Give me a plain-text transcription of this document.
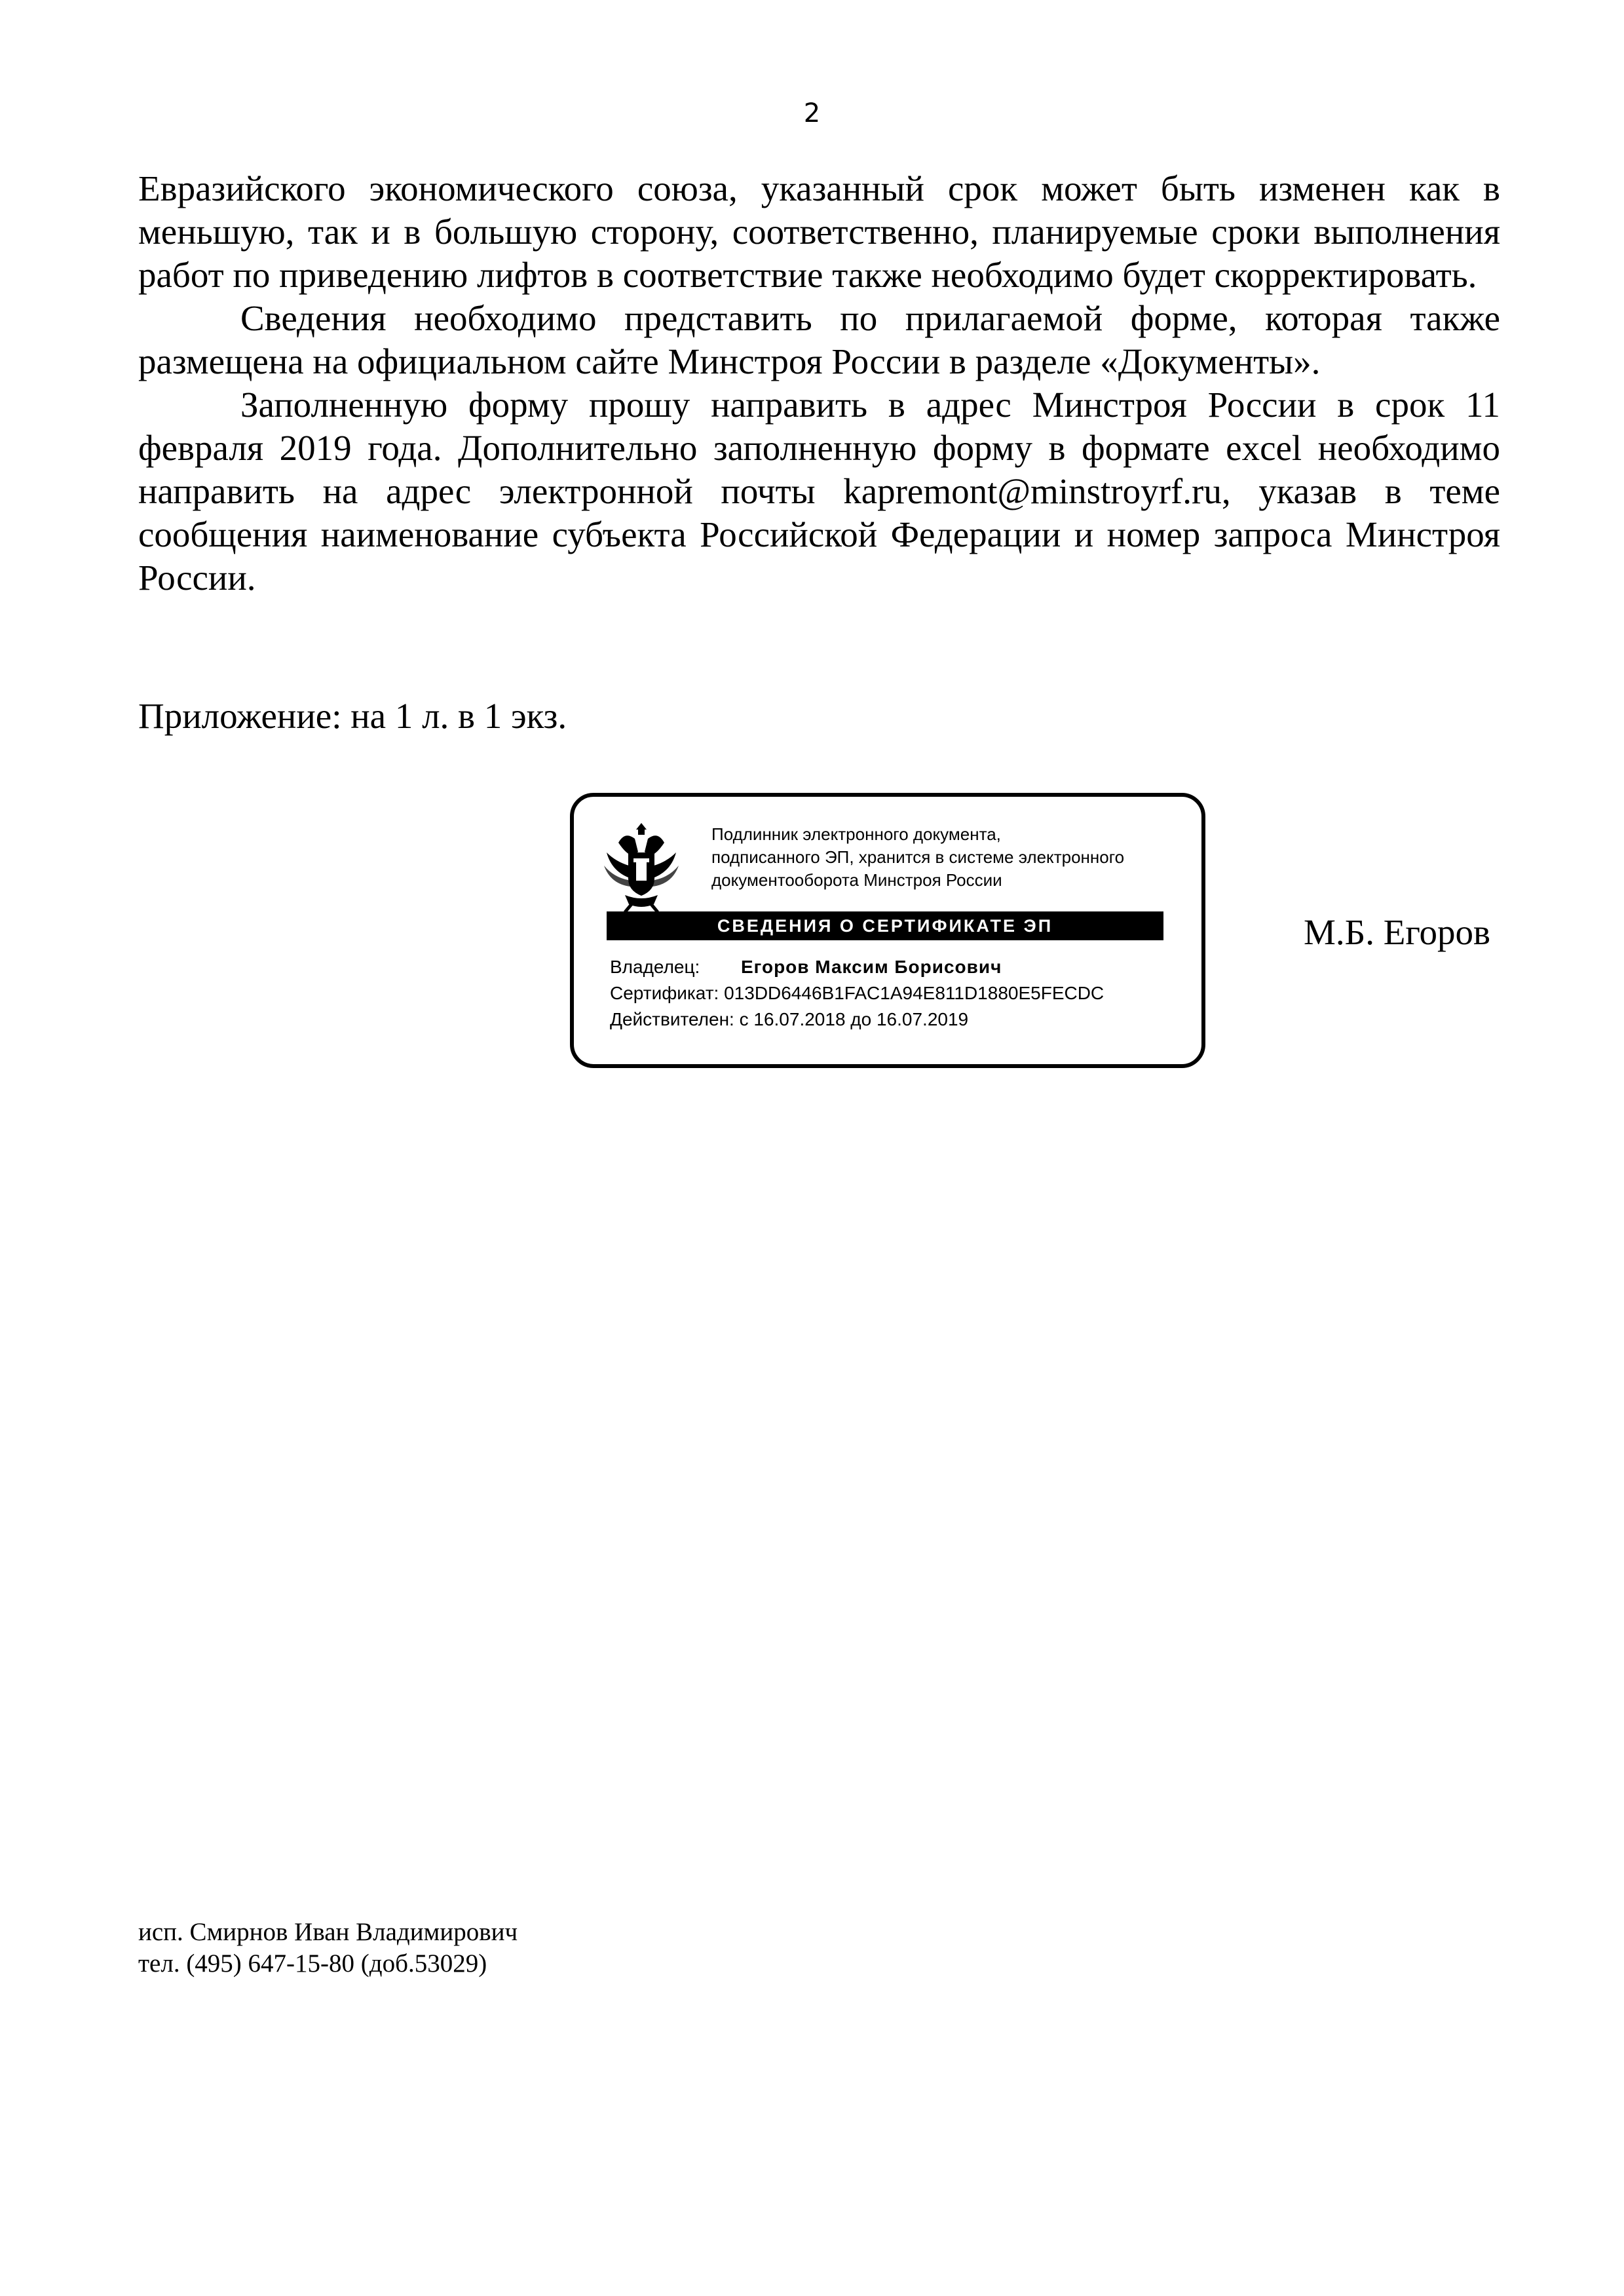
2

Евразийского экономического союза, указанный срок может быть изменен как в меньшую, так и в большую сторону, соответственно, планируемые сроки выполнения работ по приведению лифтов в соответствие также необходимо будет скорректировать.

Сведения необходимо представить по прилагаемой форме, которая также размещена на официальном сайте Минстроя России в разделе «Документы».

Заполненную форму прошу направить в адрес Минстроя России в срок 11 февраля 2019 года. Дополнительно заполненную форму в формате excel необходимо направить на адрес электронной почты kapremont@minstroyrf.ru, указав в теме сообщения наименование субъекта Российской Федерации и номер запроса Минстроя России.

Приложение: на 1 л. в 1 экз.
Подлинник электронного документа,
подписанного ЭП, хранится в системе электронного
документооборота Минстроя России
СВЕДЕНИЯ О СЕРТИФИКАТЕ ЭП
Владелец: Егоров Максим Борисович
Сертификат: 013DD6446B1FAC1A94E811D1880E5FECDC
Действителен: с 16.07.2018 до 16.07.2019
М.Б. Егоров
исп. Смирнов Иван Владимирович
тел. (495) 647-15-80 (доб.53029)
